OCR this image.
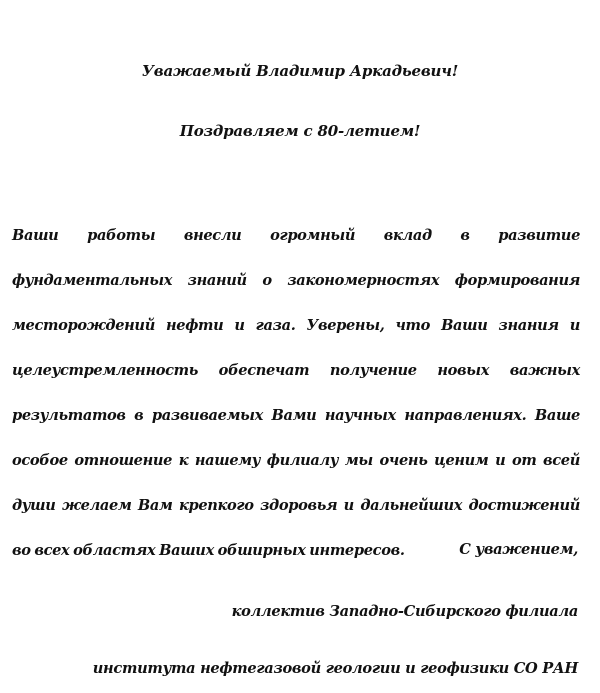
Уважаемый Владимир Аркадьевич!
Поздравляем с 80-летием!
Ваши работы внесли огромный вклад в развитие фундаментальных знаний о закономерностях формирования месторождений нефти и газа. Уверены, что Ваши знания и целеустремленность обеспечат получение новых важных результатов в развиваемых Вами научных направлениях. Ваше особое отношение к нашему филиалу мы очень ценим и от всей души желаем Вам крепкого здоровья и дальнейших достижений во всех областях Ваших обширных интересов.	С уважением,
коллектив Западно-Сибирского филиала
института нефтегазовой геологии и геофизики СО РАН
